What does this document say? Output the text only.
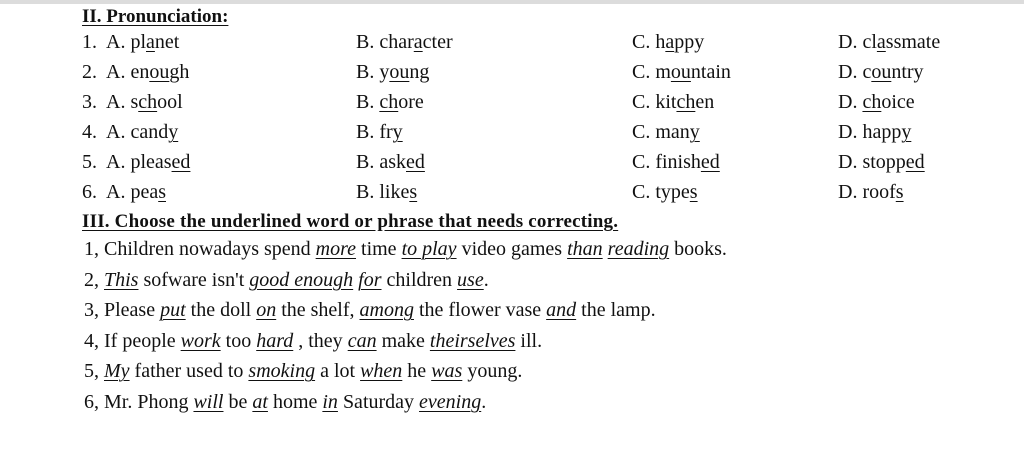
II. Pronunciation:
1. A. planet	B. character	C. happy	D. classmate
2. A. enough	B. young	C. mountain	D. country
3. A. school	B. chore	C. kitchen	D. choice
4. A. candy	B. fry	C. many	D. happy
5. A. pleased	B. asked	C. finished	D. stopped
6. A. peas	B. likes	C. types	D. roofs
III. Choose the underlined word or phrase that needs correcting.
1, Children nowadays spend more time to play video games than reading books.
2, This sofware isn't good enough for children use.
3, Please put the doll on the shelf, among the flower vase and the lamp.
4, If people work too hard , they can make theirselves ill.
5, My father used to smoking a lot when he was young.
6, Mr. Phong will be at home in Saturday evening.
